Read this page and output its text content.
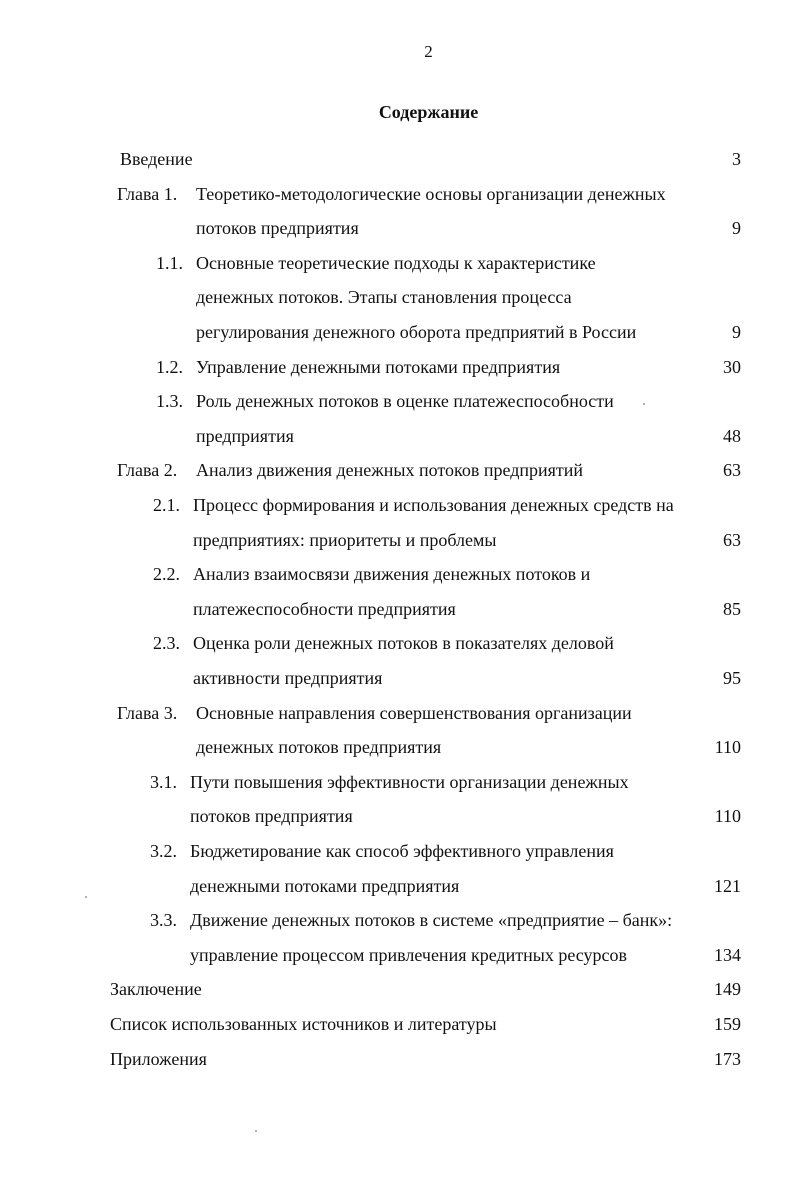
2
Содержание
Введение	3
Глава 1. Теоретико-методологические основы организации денежных
потоков предприятия	9
1.1. Основные теоретические подходы к характеристике
денежных потоков. Этапы становления процесса
регулирования денежного оборота предприятий в России	9
1.2. Управление денежными потоками предприятия	30
1.3. Роль денежных потоков в оценке платежеспособности
предприятия	48
Глава 2. Анализ движения денежных потоков предприятий	63
2.1. Процесс формирования и использования денежных средств на
предприятиях: приоритеты и проблемы	63
2.2. Анализ взаимосвязи движения денежных потоков и
платежеспособности предприятия	85
2.3. Оценка роли денежных потоков в показателях деловой
активности предприятия	95
Глава 3. Основные направления совершенствования организации
денежных потоков предприятия	110
3.1. Пути повышения эффективности организации денежных
потоков предприятия	110
3.2. Бюджетирование как способ эффективного управления
денежными потоками предприятия	121
3.3. Движение денежных потоков в системе «предприятие – банк»:
управление процессом привлечения кредитных ресурсов	134
Заключение	149
Список использованных источников и литературы	159
Приложения	173
